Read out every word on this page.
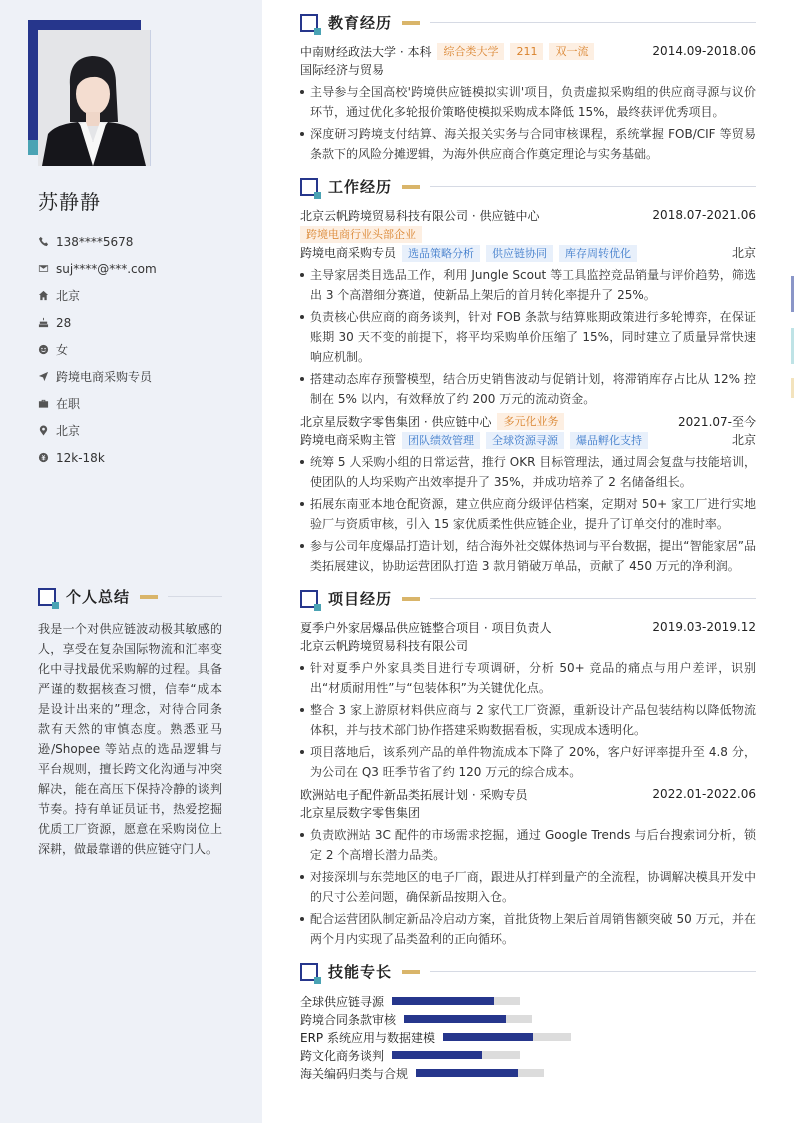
苏静静
138****5678
suj****@***.com
北京
28
女
跨境电商采购专员
在职
北京
12k-18k
个人总结
我是一个对供应链波动极其敏感的人，享受在复杂国际物流和汇率变化中寻找最优采购解的过程。具备严谨的数据核查习惯，信奉“成本是设计出来的”理念，对待合同条款有天然的审慎态度。熟悉亚马逊/Shopee 等站点的选品逻辑与平台规则，擅长跨文化沟通与冲突解决，能在高压下保持冷静的谈判节奏。持有单证员证书，热爱挖掘优质工厂资源，愿意在采购岗位上深耕，做最靠谱的供应链守门人。
教育经历
中南财经政法大学 · 本科	综合类大学	211	双一流	2014.09-2018.06
国际经济与贸易
主导参与全国高校'跨境供应链模拟实训'项目，负责虚拟采购组的供应商寻源与议价环节，通过优化多轮报价策略使模拟采购成本降低 15%，最终获评优秀项目。
深度研习跨境支付结算、海关报关实务与合同审核课程，系统掌握 FOB/CIF 等贸易条款下的风险分摊逻辑，为海外供应商合作奠定理论与实务基础。
工作经历
北京云帆跨境贸易科技有限公司 · 供应链中心	2018.07-2021.06
跨境电商行业头部企业
跨境电商采购专员	选品策略分析	供应链协同	库存周转优化	北京
主导家居类目选品工作，利用 Jungle Scout 等工具监控竞品销量与评价趋势，筛选出 3 个高潜细分赛道，使新品上架后的首月转化率提升了 25%。
负责核心供应商的商务谈判，针对 FOB 条款与结算账期政策进行多轮博弈，在保证账期 30 天不变的前提下，将平均采购单价压缩了 15%，同时建立了质量异常快速响应机制。
搭建动态库存预警模型，结合历史销售波动与促销计划，将滞销库存占比从 12% 控制在 5% 以内，有效释放了约 200 万元的流动资金。
北京星辰数字零售集团 · 供应链中心	多元化业务	2021.07-至今
跨境电商采购主管	团队绩效管理	全球资源寻源	爆品孵化支持	北京
统筹 5 人采购小组的日常运营，推行 OKR 目标管理法，通过周会复盘与技能培训，使团队的人均采购产出效率提升了 35%，并成功培养了 2 名储备组长。
拓展东南亚本地仓配资源，建立供应商分级评估档案，定期对 50+ 家工厂进行实地验厂与资质审核，引入 15 家优质柔性供应链企业，提升了订单交付的准时率。
参与公司年度爆品打造计划，结合海外社交媒体热词与平台数据，提出“智能家居”品类拓展建议，协助运营团队打造 3 款月销破万单品，贡献了 450 万元的净利润。
项目经历
夏季户外家居爆品供应链整合项目 · 项目负责人	2019.03-2019.12
北京云帆跨境贸易科技有限公司
针对夏季户外家具类目进行专项调研，分析 50+ 竞品的痛点与用户差评，识别出“材质耐用性”与“包装体积”为关键优化点。
整合 3 家上游原材料供应商与 2 家代工厂资源，重新设计产品包装结构以降低物流体积，并与技术部门协作搭建采购数据看板，实现成本透明化。
项目落地后，该系列产品的单件物流成本下降了 20%，客户好评率提升至 4.8 分，为公司在 Q3 旺季节省了约 120 万元的综合成本。
欧洲站电子配件新品类拓展计划 · 采购专员	2022.01-2022.06
北京星辰数字零售集团
负责欧洲站 3C 配件的市场需求挖掘，通过 Google Trends 与后台搜索词分析，锁定 2 个高增长潜力品类。
对接深圳与东莞地区的电子厂商，跟进从打样到量产的全流程，协调解决模具开发中的尺寸公差问题，确保新品按期入仓。
配合运营团队制定新品冷启动方案，首批货物上架后首周销售额突破 50 万元，并在两个月内实现了品类盈利的正向循环。
技能专长
全球供应链寻源
跨境合同条款审核
ERP 系统应用与数据建模
跨文化商务谈判
海关编码归类与合规
